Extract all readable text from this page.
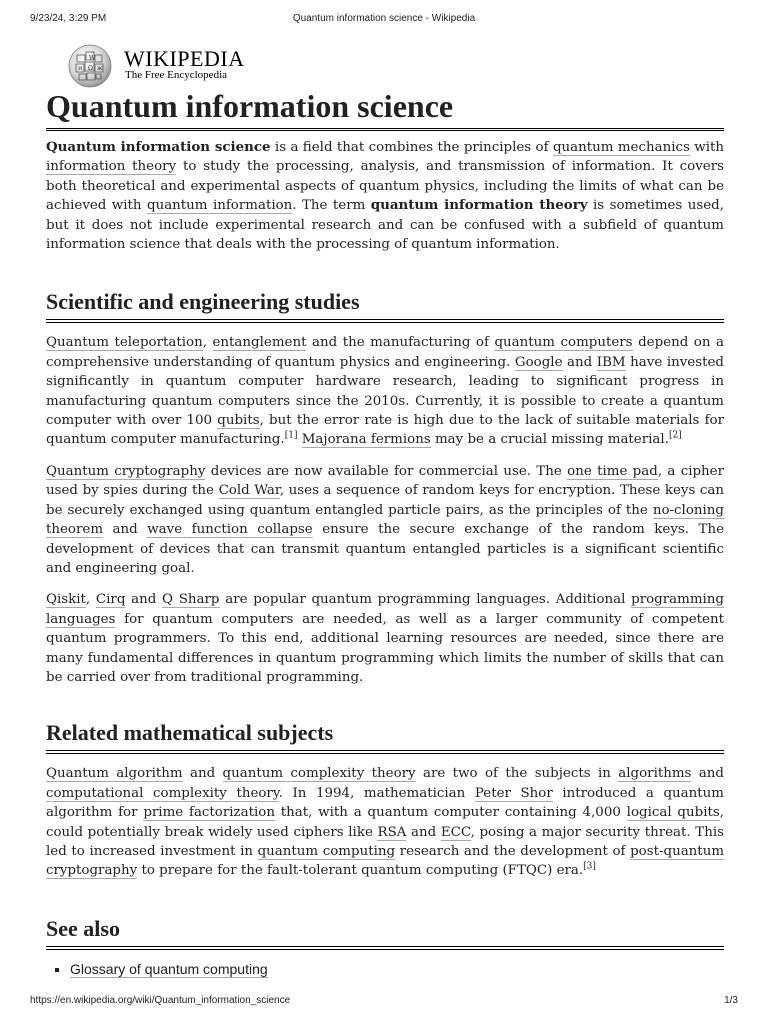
9/23/24, 3:29 PM	Quantum information science - Wikipedia
W
Ω
И	Ж WIKIPEDIA
The Free Encyclopedia
Quantum information science

Quantum information science is a field that combines the principles of quantum mechanics with information theory to study the processing, analysis, and transmission of information. It covers both theoretical and experimental aspects of quantum physics, including the limits of what can be achieved with quantum information. The term quantum information theory is sometimes used, but it does not include experimental research and can be confused with a subfield of quantum information science that deals with the processing of quantum information.

Scientific and engineering studies

Quantum teleportation, entanglement and the manufacturing of quantum computers depend on a comprehensive understanding of quantum physics and engineering. Google and IBM have invested significantly in quantum computer hardware research, leading to significant progress in manufacturing quantum computers since the 2010s. Currently, it is possible to create a quantum computer with over 100 qubits, but the error rate is high due to the lack of suitable materials for quantum computer manufacturing.[1] Majorana fermions may be a crucial missing material.[2]

Quantum cryptography devices are now available for commercial use. The one time pad, a cipher used by spies during the Cold War, uses a sequence of random keys for encryption. These keys can be securely exchanged using quantum entangled particle pairs, as the principles of the no-cloning theorem and wave function collapse ensure the secure exchange of the random keys. The development of devices that can transmit quantum entangled particles is a significant scientific and engineering goal.

Qiskit, Cirq and Q Sharp are popular quantum programming languages. Additional programming languages for quantum computers are needed, as well as a larger community of competent quantum programmers. To this end, additional learning resources are needed, since there are many fundamental differences in quantum programming which limits the number of skills that can be carried over from traditional programming.

Related mathematical subjects

Quantum algorithm and quantum complexity theory are two of the subjects in algorithms and computational complexity theory. In 1994, mathematician Peter Shor introduced a quantum algorithm for prime factorization that, with a quantum computer containing 4,000 logical qubits, could potentially break widely used ciphers like RSA and ECC, posing a major security threat. This led to increased investment in quantum computing research and the development of post-quantum cryptography to prepare for the fault-tolerant quantum computing (FTQC) era.[3]

See also
▪ Glossary of quantum computing
https://en.wikipedia.org/wiki/Quantum_information_science	1/3
